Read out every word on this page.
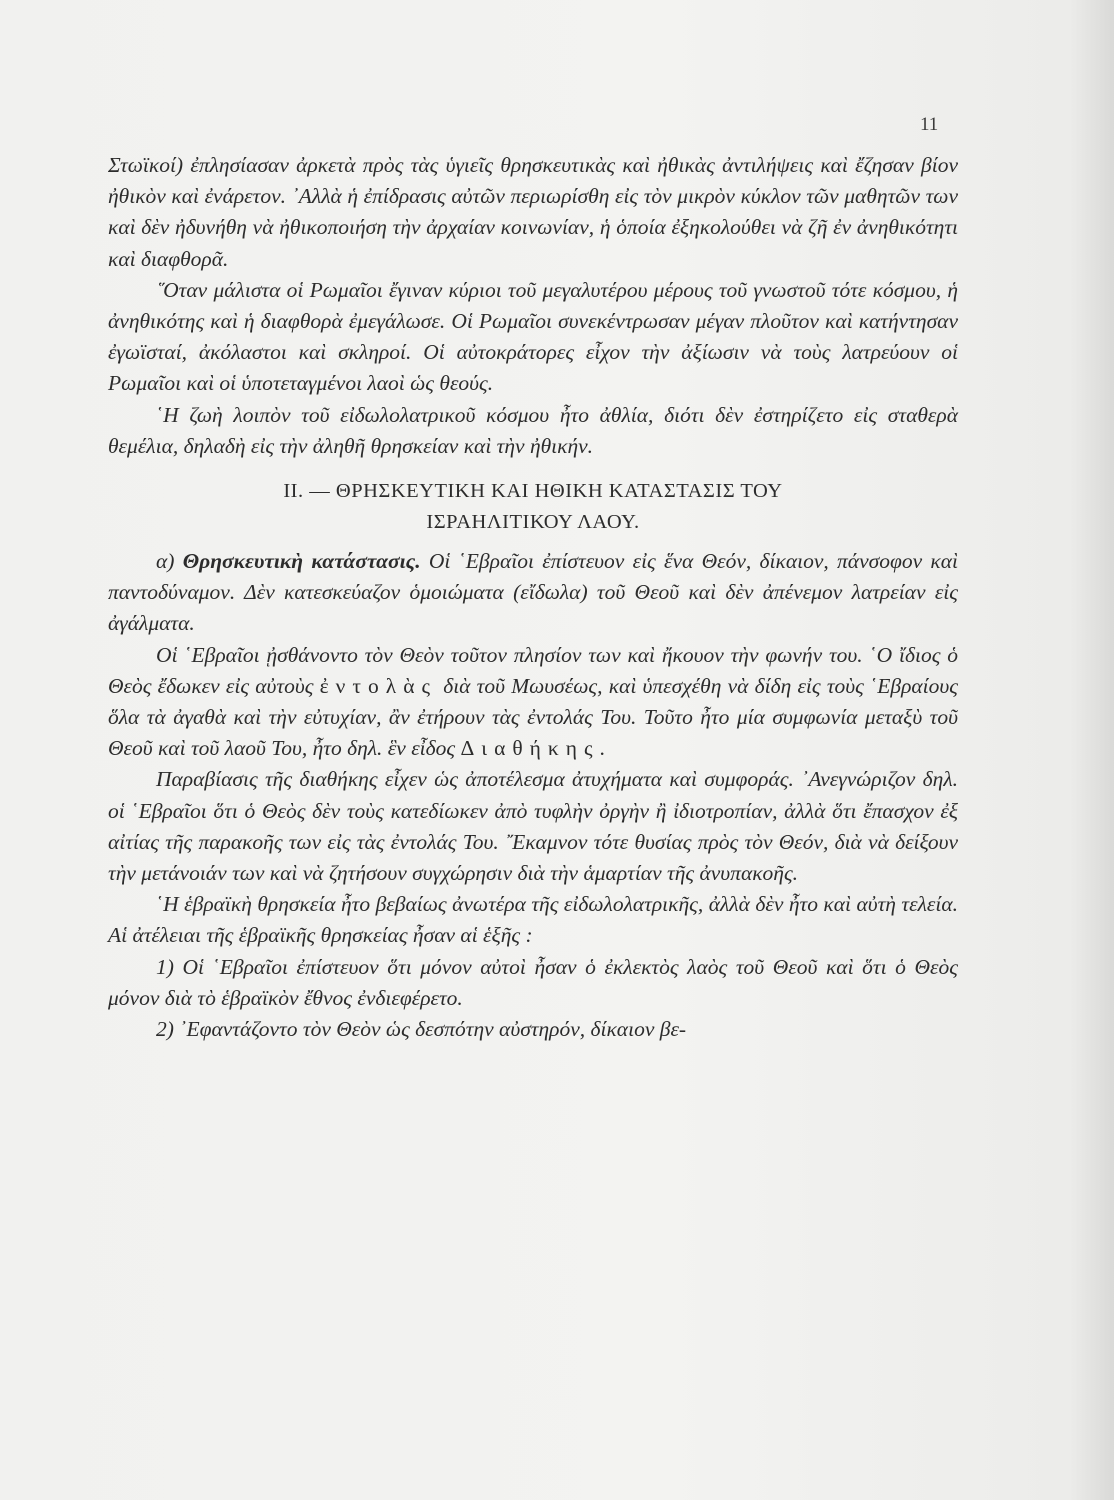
11

Στωϊκοί) ἐπλησίασαν ἀρκετὰ πρὸς τὰς ὑγιεῖς θρησκευτικὰς καὶ ἠθικὰς ἀντιλήψεις καὶ ἔζησαν βίον ἠθικὸν καὶ ἐνάρετον. ᾿Αλλὰ ἡ ἐπίδρασις αὐτῶν περιωρίσθη εἰς τὸν μικρὸν κύκλον τῶν μαθητῶν των καὶ δὲν ἠδυνήθη νὰ ἠθικοποιήση τὴν ἀρχαίαν κοινωνίαν, ἡ ὁποία ἐξηκολούθει νὰ ζῆ ἐν ἀνηθικότητι καὶ διαφθορᾶ.

῞Οταν μάλιστα οἱ Ρωμαῖοι ἔγιναν κύριοι τοῦ μεγαλυτέρου μέρους τοῦ γνωστοῦ τότε κόσμου, ἡ ἀνηθικότης καὶ ἡ διαφθορὰ ἐμεγάλωσε. Οἱ Ρωμαῖοι συνεκέντρωσαν μέγαν πλοῦτον καὶ κατήντησαν ἐγωϊσταί, ἀκόλαστοι καὶ σκληροί. Οἱ αὐτοκράτορες εἶχον τὴν ἀξίωσιν νὰ τοὺς λατρεύουν οἱ Ρωμαῖοι καὶ οἱ ὑποτεταγμένοι λαοὶ ὡς θεούς.

῾Η ζωὴ λοιπὸν τοῦ εἰδωλολατρικοῦ κόσμου ἦτο ἀθλία, διότι δὲν ἐστηρίζετο εἰς σταθερὰ θεμέλια, δηλαδὴ εἰς τὴν ἀληθῆ θρησκείαν καὶ τὴν ἠθικήν.

II. — ΘΡΗΣΚΕΥΤΙΚΗ ΚΑΙ ΗΘΙΚΗ ΚΑΤΑΣΤΑΣΙΣ ΤΟΥ
ΙΣΡΑΗΛΙΤΙΚΟΥ ΛΑΟΥ.

α) Θρησκευτικὴ κατάστασις. Οἱ ῾Εβραῖοι ἐπίστευον εἰς ἕνα Θεόν, δίκαιον, πάνσοφον καὶ παντοδύναμον. Δὲν κατεσκεύαζον ὁμοιώματα (εἴδωλα) τοῦ Θεοῦ καὶ δὲν ἀπένεμον λατρείαν εἰς ἀγάλματα.

Οἱ ῾Εβραῖοι ᾐσθάνοντο τὸν Θεὸν τοῦτον πλησίον των καὶ ἤκουον τὴν φωνήν του. ῾Ο ἴδιος ὁ Θεὸς ἔδωκεν εἰς αὐτοὺς ἐντολὰς διὰ τοῦ Μωυσέως, καὶ ὑπεσχέθη νὰ δίδη εἰς τοὺς ῾Εβραίους ὅλα τὰ ἀγαθὰ καὶ τὴν εὐτυχίαν, ἂν ἐτήρουν τὰς ἐντολάς Του. Τοῦτο ἦτο μία συμφωνία μεταξὺ τοῦ Θεοῦ καὶ τοῦ λαοῦ Του, ἦτο δηλ. ἓν εἶδος Διαθήκης.

Παραβίασις τῆς διαθήκης εἶχεν ὡς ἀποτέλεσμα ἀτυχήματα καὶ συμφοράς. ᾿Ανεγνώριζον δηλ. οἱ ῾Εβραῖοι ὅτι ὁ Θεὸς δὲν τοὺς κατεδίωκεν ἀπὸ τυφλὴν ὀργὴν ἢ ἰδιοτροπίαν, ἀλλὰ ὅτι ἔπασχον ἐξ αἰτίας τῆς παρακοῆς των εἰς τὰς ἐντολάς Του. ῎Εκαμνον τότε θυσίας πρὸς τὸν Θεόν, διὰ νὰ δείξουν τὴν μετάνοιάν των καὶ νὰ ζητήσουν συγχώρησιν διὰ τὴν ἁμαρτίαν τῆς ἀνυπακοῆς.

῾Η ἑβραϊκὴ θρησκεία ἦτο βεβαίως ἀνωτέρα τῆς εἰδωλολατρικῆς, ἀλλὰ δὲν ἦτο καὶ αὐτὴ τελεία. Αἱ ἀτέλειαι τῆς ἑβραϊκῆς θρησκείας ἦσαν αἱ ἑξῆς :

1) Οἱ ῾Εβραῖοι ἐπίστευον ὅτι μόνον αὐτοὶ ἦσαν ὁ ἐκλεκτὸς λαὸς τοῦ Θεοῦ καὶ ὅτι ὁ Θεὸς μόνον διὰ τὸ ἑβραϊκὸν ἔθνος ἐνδιεφέρετο.

2) ᾿Εφαντάζοντο τὸν Θεὸν ὡς δεσπότην αὐστηρόν, δίκαιον βε-
